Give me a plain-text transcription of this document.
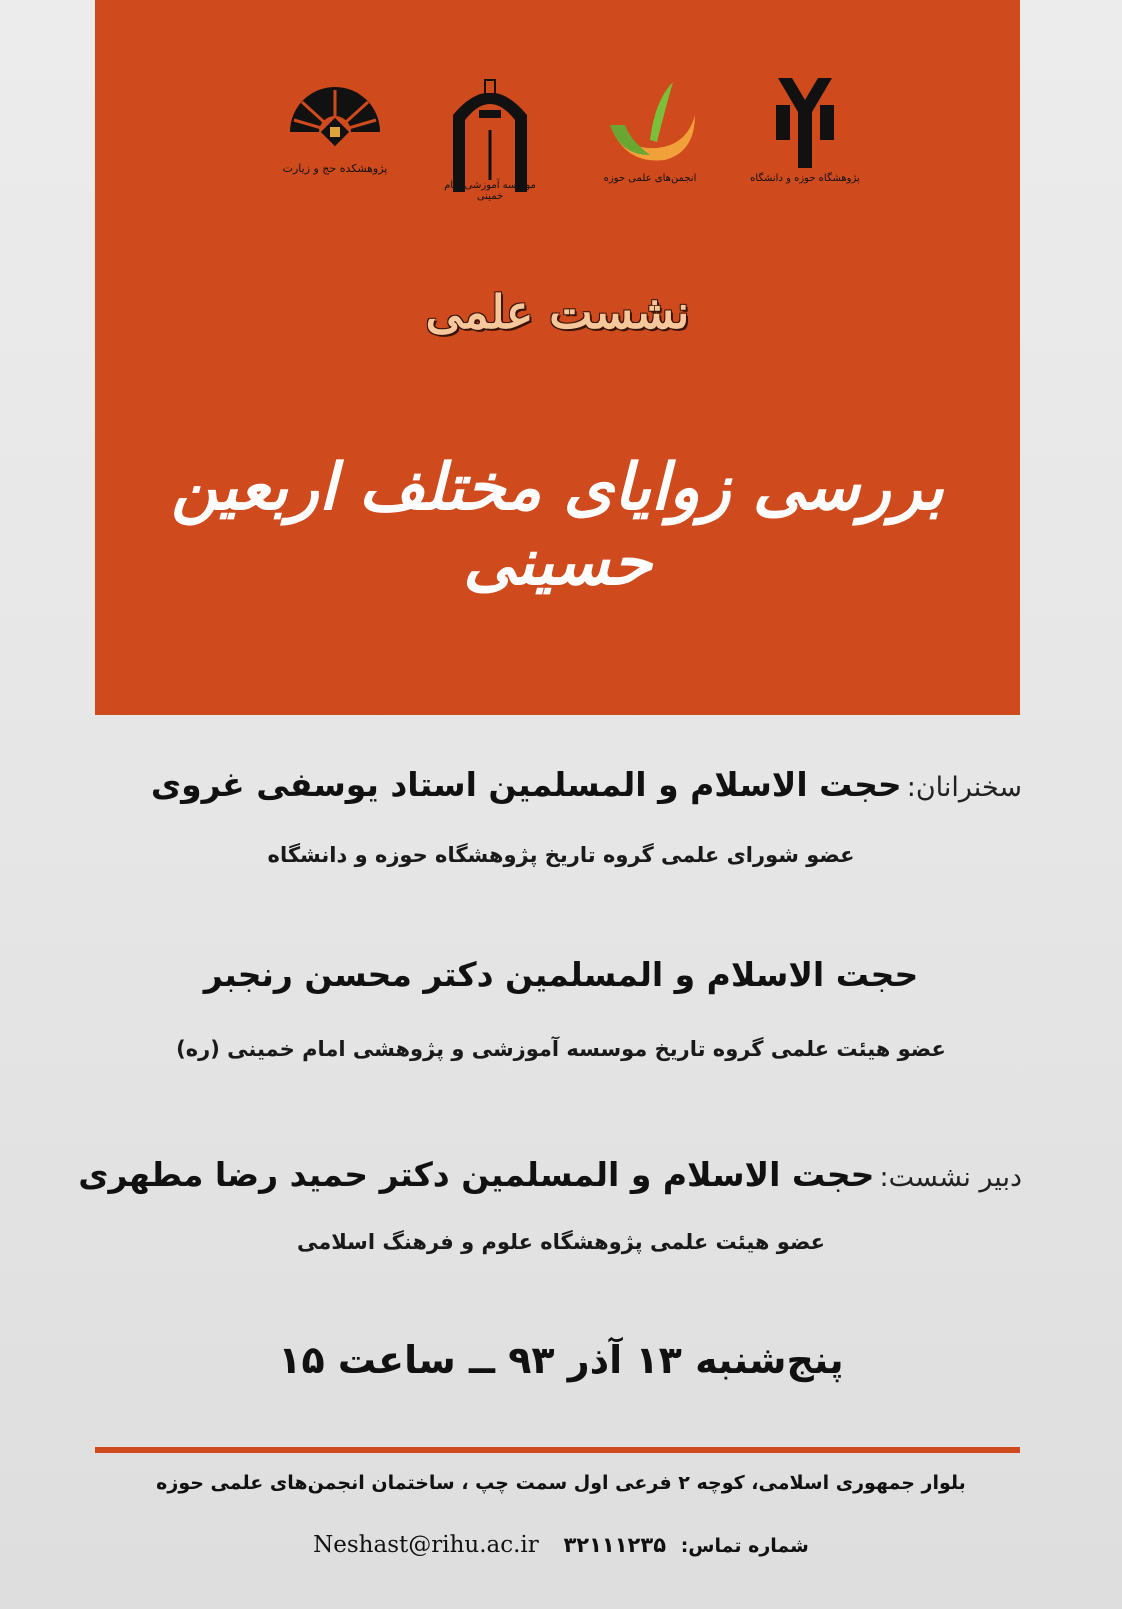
پژوهشکده حج و زیارت
موسسه آموزشی امام خمینی
انجمن‌های علمی حوزه	پژوهشگاه حوزه و دانشگاه
نشست علمی
بررسی زوایای مختلف اربعین حسینی
سخنرانان: حجت الاسلام و المسلمین استاد یوسفی غروی
عضو شورای علمی گروه تاریخ پژوهشگاه حوزه و دانشگاه
حجت الاسلام و المسلمین دکتر محسن رنجبر
عضو هیئت علمی گروه تاریخ موسسه آموزشی و پژوهشی امام خمینی (ره)
دبیر نشست: حجت الاسلام و المسلمین دکتر حمید رضا مطهری
عضو هیئت علمی پژوهشگاه علوم و فرهنگ اسلامی
پنج‌شنبه ۱۳ آذر ۹۳ ــ ساعت ۱۵
بلوار جمهوری اسلامی، کوچه ۲ فرعی اول سمت چپ ، ساختمان انجمن‌های علمی حوزه
شماره تماس: ۳۲۱۱۱۲۳۵ Neshast@rihu.ac.ir
